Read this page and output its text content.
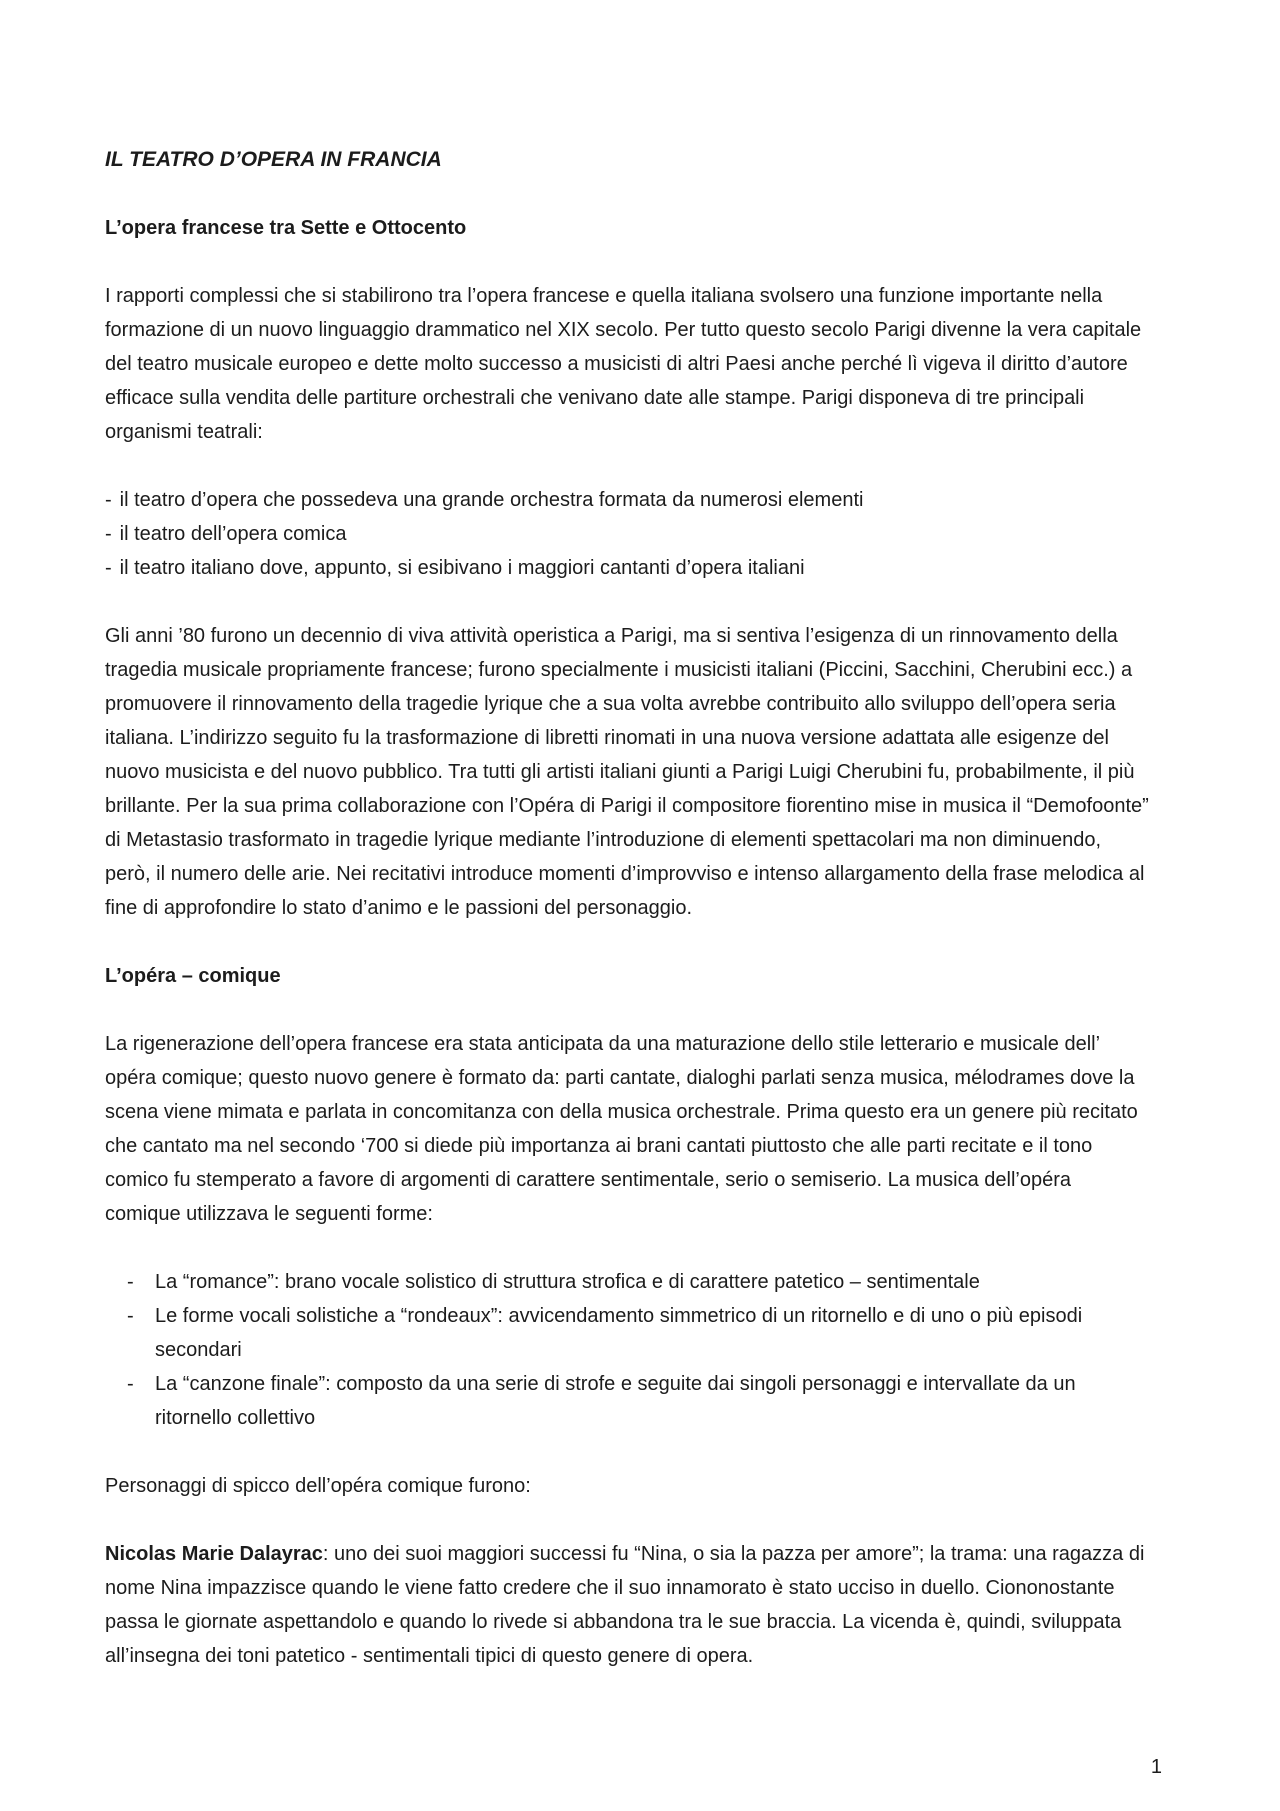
IL TEATRO D’OPERA IN FRANCIA
L’opera francese tra Sette e Ottocento

I rapporti complessi che si stabilirono tra l’opera francese e quella italiana svolsero una funzione importante nella formazione di un nuovo linguaggio drammatico nel XIX secolo. Per tutto questo secolo Parigi divenne la vera capitale del teatro musicale europeo e dette molto successo a musicisti di altri Paesi anche perché lì vigeva il diritto d’autore efficace sulla vendita delle partiture orchestrali che venivano date alle stampe. Parigi disponeva di tre principali organismi teatrali:

- il teatro d’opera che possedeva una grande orchestra formata da numerosi elementi
- il teatro dell’opera comica
- il teatro italiano dove, appunto, si esibivano i maggiori cantanti d’opera italiani

Gli anni ’80 furono un decennio di viva attività operistica a Parigi, ma si sentiva l’esigenza di un rinnovamento della tragedia musicale propriamente francese; furono specialmente i musicisti italiani (Piccini, Sacchini, Cherubini ecc.) a promuovere il rinnovamento della tragedie lyrique che a sua volta avrebbe contribuito allo sviluppo dell’opera seria italiana. L’indirizzo seguito fu la trasformazione di libretti rinomati in una nuova versione adattata alle esigenze del nuovo musicista e del nuovo pubblico. Tra tutti gli artisti italiani giunti a Parigi Luigi Cherubini fu, probabilmente, il più brillante. Per la sua prima collaborazione con l’Opéra di Parigi il compositore fiorentino mise in musica il “Demofoonte” di Metastasio trasformato in tragedie lyrique mediante l’introduzione di elementi spettacolari ma non diminuendo, però, il numero delle arie. Nei recitativi introduce momenti d’improvviso e intenso allargamento della frase melodica al fine di approfondire lo stato d’animo e le passioni del personaggio.

L’opéra – comique

La rigenerazione dell’opera francese era stata anticipata da una maturazione dello stile letterario e musicale dell’ opéra comique; questo nuovo genere è formato da: parti cantate, dialoghi parlati senza musica, mélodrames dove la scena viene mimata e parlata in concomitanza con della musica orchestrale. Prima questo era un genere più recitato che cantato ma nel secondo ‘700 si diede più importanza ai brani cantati piuttosto che alle parti recitate e il tono comico fu stemperato a favore di argomenti di carattere sentimentale, serio o semiserio. La musica dell’opéra comique utilizzava le seguenti forme:

- La “romance”: brano vocale solistico di struttura strofica e di carattere patetico – sentimentale
- Le forme vocali solistiche a “rondeaux”: avvicendamento simmetrico di un ritornello e di uno o più episodi secondari
- La “canzone finale”: composto da una serie di strofe e seguite dai singoli personaggi e intervallate da un ritornello collettivo

Personaggi di spicco dell’opéra comique furono:

Nicolas Marie Dalayrac: uno dei suoi maggiori successi fu “Nina, o sia la pazza per amore”; la trama: una ragazza di nome Nina impazzisce quando le viene fatto credere che il suo innamorato è stato ucciso in duello. Ciononostante passa le giornate aspettandolo e quando lo rivede si abbandona tra le sue braccia. La vicenda è, quindi, sviluppata all’insegna dei toni patetico - sentimentali tipici di questo genere di opera.

1
